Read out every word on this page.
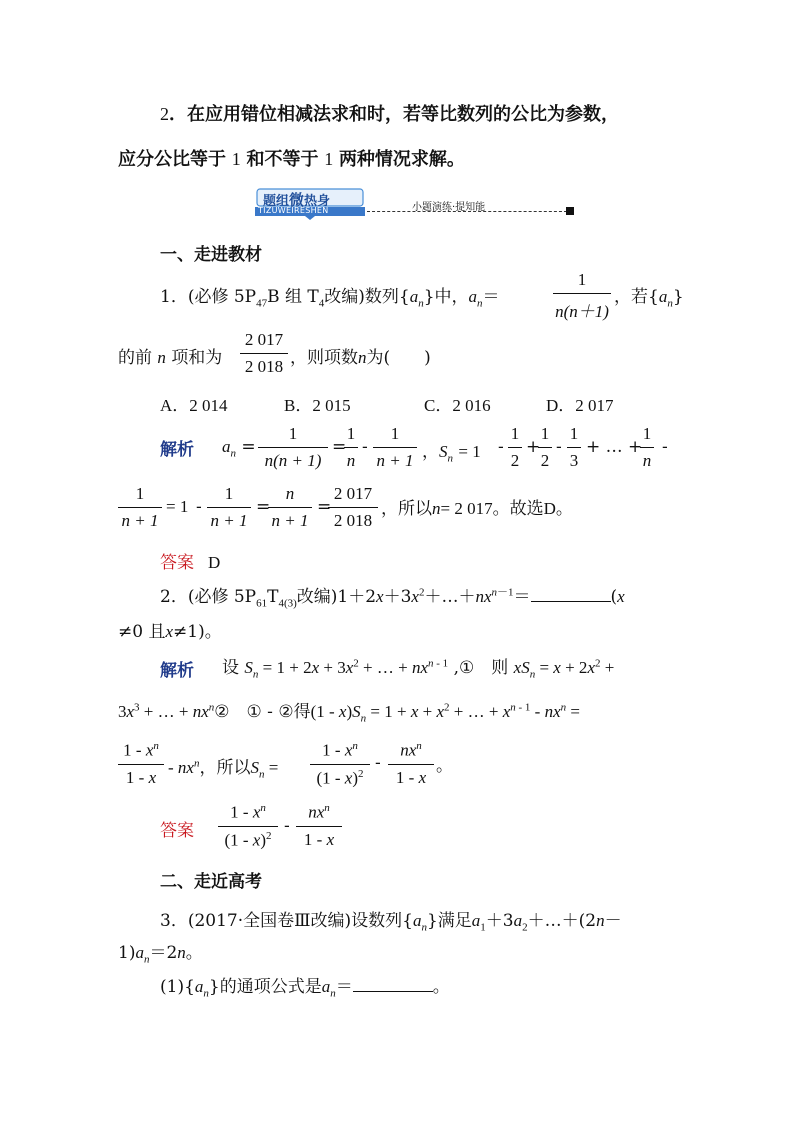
2．在应用错位相减法求和时，若等比数列的公比为参数，
应分公比等于 1 和不等于 1 两种情况求解。
题组微热身
TIZUWEIRESHEN	小题演练·提知能
一、走进教材
1．(必修 $5P_{47}B$ 组 $T_4$改编)数列$\{a_n\}$中，$a_n=$	$\frac{1}{n(n+1)}$ ，若$\{a_n\}$
的前 n 项和为 $\frac{2 017}{2 018}$ ，则项数n为(　　)
A．2 014	B．2 015	C．2 016	D．2 017
解析 $a_n = \frac{1}{n(n + 1)}$ =
$\frac{1}{n} - \frac{1}{n + 1}$ ，$S_n = 1 - \frac{1}{2}$ +
$\frac{1}{2} - \frac{1}{3}$ + … +
$\frac{1}{n}$ -
$\frac{1}{n + 1} = 1 - \frac{1}{n + 1}$ =
$\frac{n}{n + 1}$ =
$\frac{2 017}{2 018}$ ，所以n= 2 017。故选D。
答案 D
2．(必修 $5P_{61}T_{4(3)}$改编)$1+2x+3x^2+\dots+nx^{n-1}=$	(x
≠0 且x≠1)。
解析 设 $S_n = 1 + 2x + 3x^2$ + … + $nx^n$ $^{- 1}$ ,①　 则 $xS_n = x + 2x^2$ +
$3x^3$ + … + $nx^n②$　 ① - ②得$(1 - x)S_n = 1 + x + x^2$ + … + $x^n$ $^{- 1} - nx^n$ =
$\frac{1 - x^n}{1 - x} - nx^n$，所以$S_n = \frac{1 - x^n}{(1 - x)^2}$ -
$nx^n$
1 - x
。
答案 $\frac{1 - x^n}{(1 - x)^2}$ -
$nx^n$
1 - x
二、走近高考
3．(2017·全国卷Ⅲ改编)设数列$\{a_n\}$满足$a_1+3a_2+\dots+(2n-$
$1)a_n=2n$。
$(1)\{a_n\}$的通项公式是$a_n=$	。
